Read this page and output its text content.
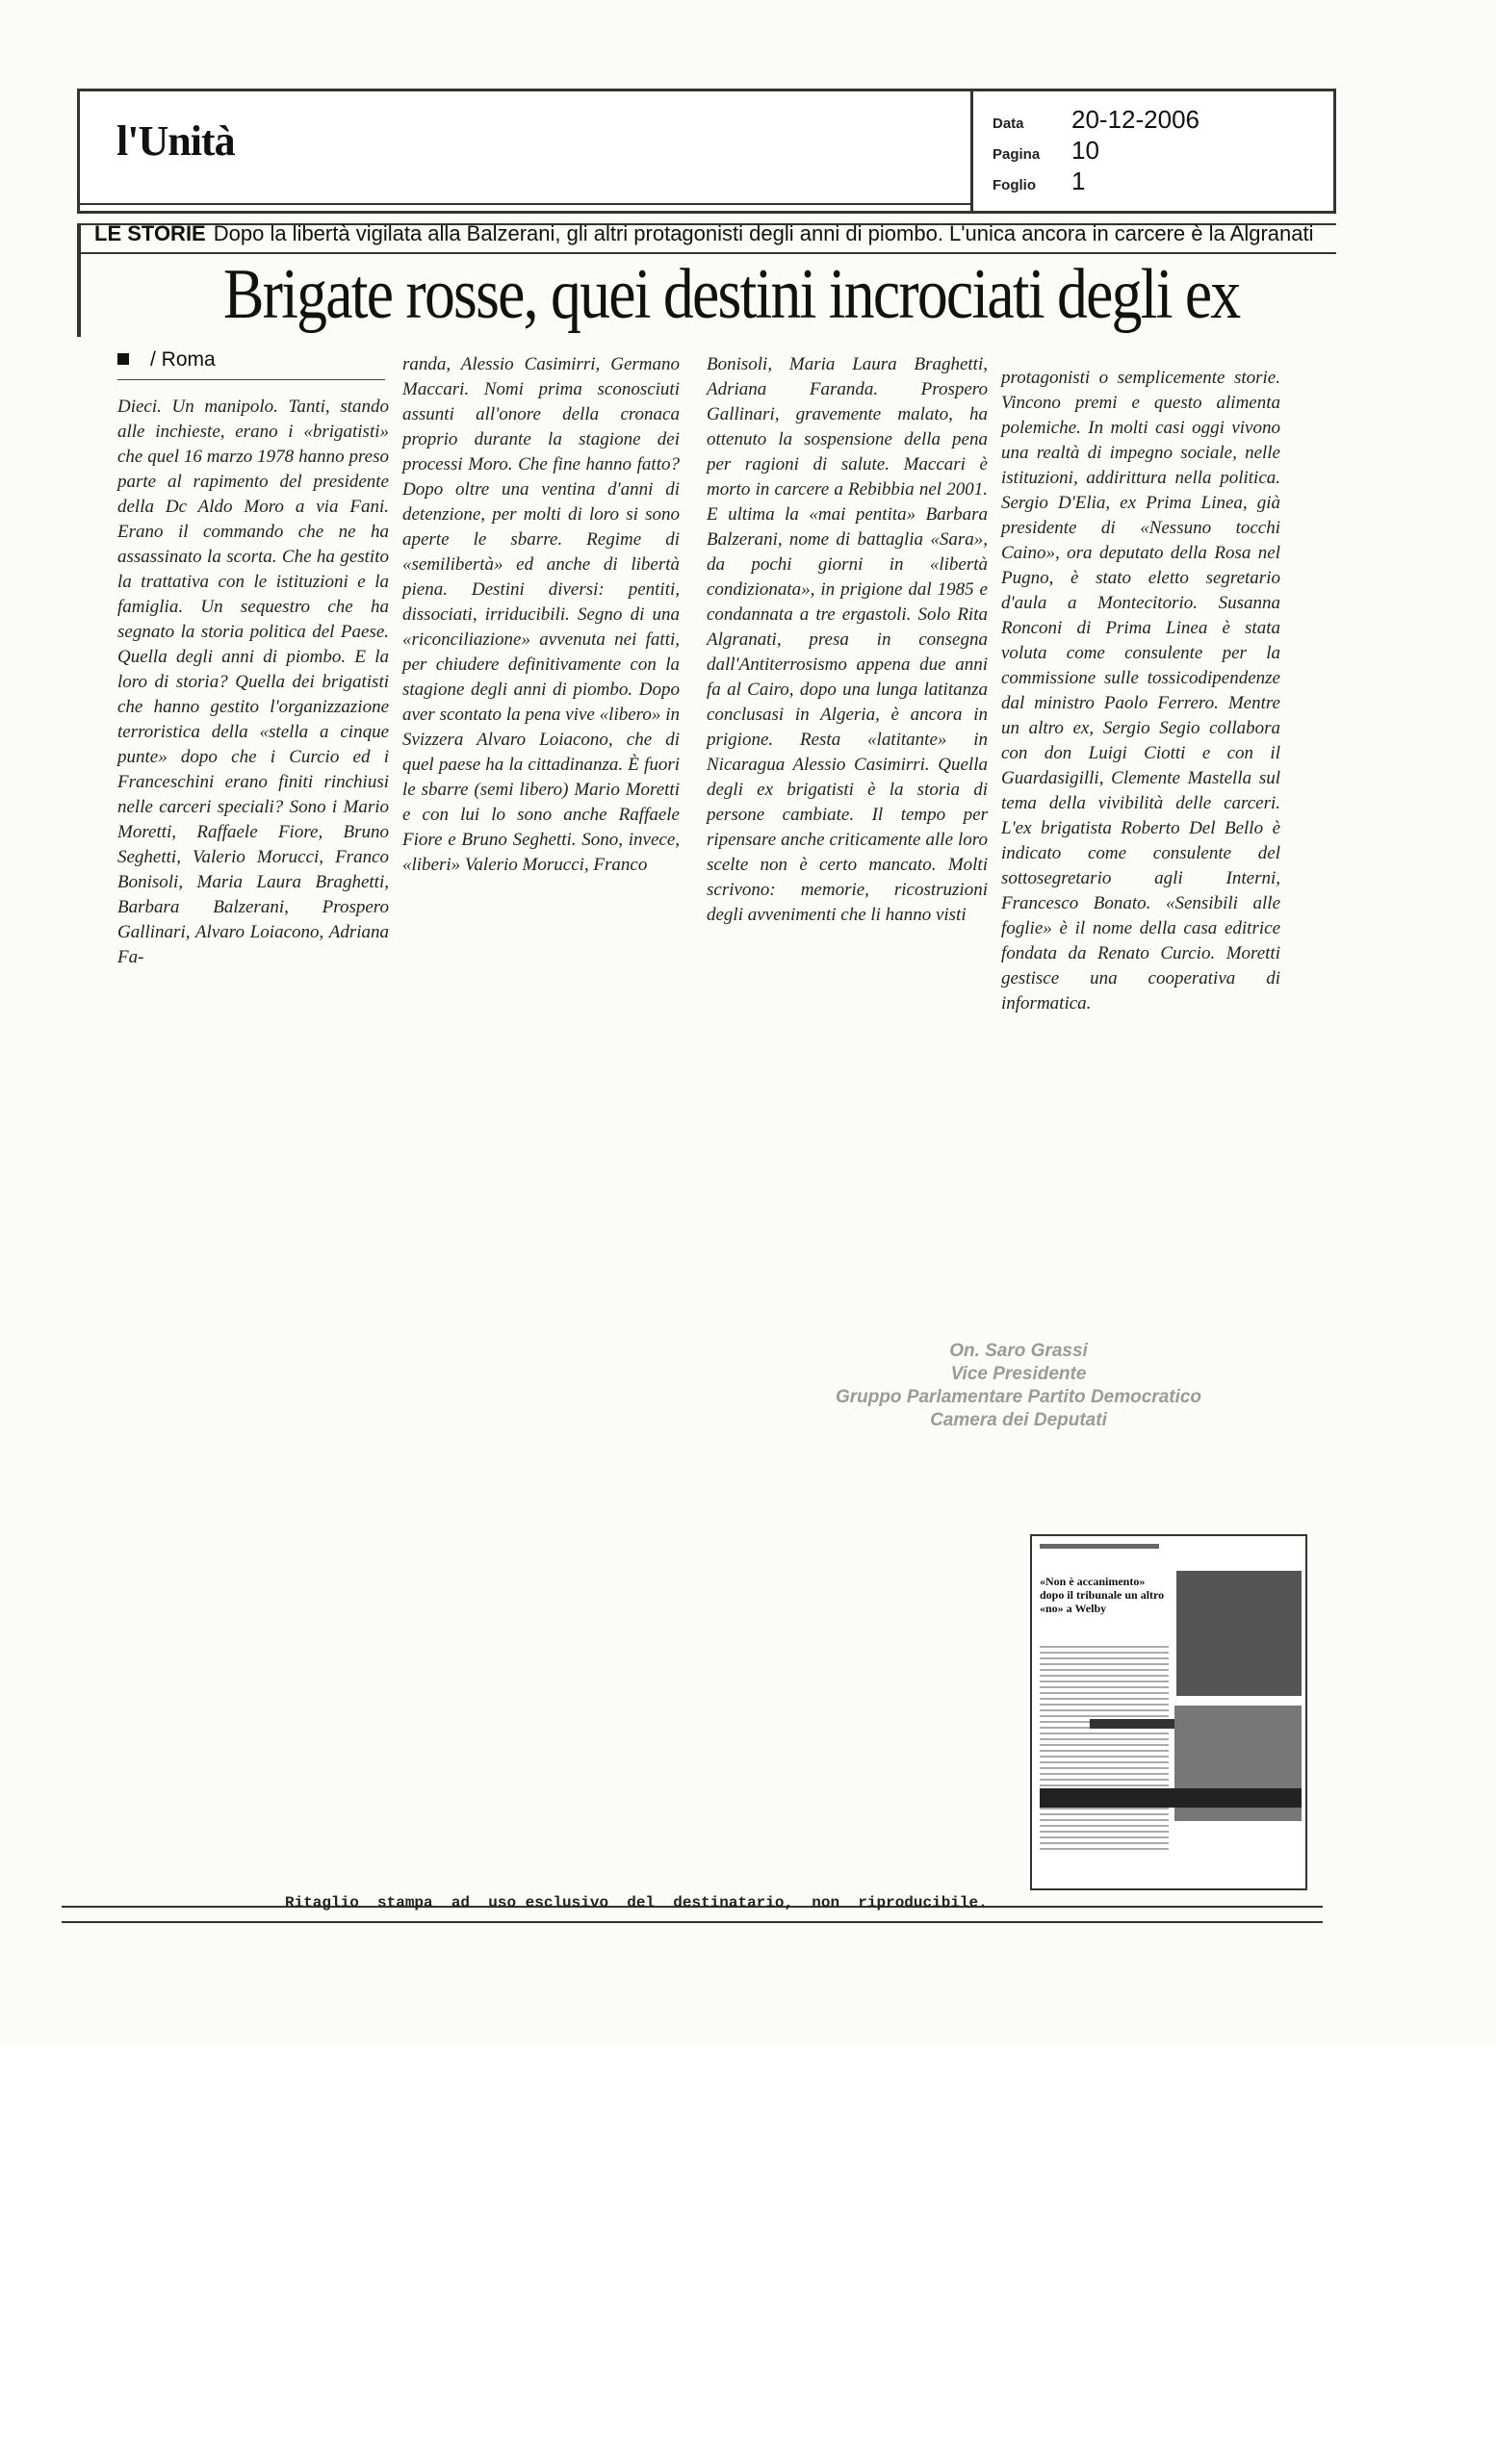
l'Unità	Data 20-12-2006
Pagina 10
Foglio 1
LE STORIE Dopo la libertà vigilata alla Balzerani, gli altri protagonisti degli anni di piombo. L'unica ancora in carcere è la Algranati
Brigate rosse, quei destini incrociati degli ex
/ Roma

Dieci. Un manipolo. Tanti, stando alle inchieste, erano i «brigatisti» che quel 16 marzo 1978 hanno preso parte al rapimento del presidente della Dc Aldo Moro a via Fani. Erano il commando che ne ha assassinato la scorta. Che ha gestito la trattativa con le istituzioni e la famiglia. Un sequestro che ha segnato la storia politica del Paese. Quella degli anni di piombo. E la loro di storia? Quella dei brigatisti che hanno gestito l'organizzazione terroristica della «stella a cinque punte» dopo che i Curcio ed i Franceschini erano finiti rinchiusi nelle carceri speciali? Sono i Mario Moretti, Raffaele Fiore, Bruno Seghetti, Valerio Morucci, Franco Bonisoli, Maria Laura Braghetti, Barbara Balzerani, Prospero Gallinari, Alvaro Loiacono, Adriana Fa-

randa, Alessio Casimirri, Germano Maccari. Nomi prima sconosciuti assunti all'onore della cronaca proprio durante la stagione dei processi Moro. Che fine hanno fatto? Dopo oltre una ventina d'anni di detenzione, per molti di loro si sono aperte le sbarre. Regime di «semilibertà» ed anche di libertà piena. Destini diversi: pentiti, dissociati, irriducibili. Segno di una «riconciliazione» avvenuta nei fatti, per chiudere definitivamente con la stagione degli anni di piombo. Dopo aver scontato la pena vive «libero» in Svizzera Alvaro Loiacono, che di quel paese ha la cittadinanza. È fuori le sbarre (semi libero) Mario Moretti e con lui lo sono anche Raffaele Fiore e Bruno Seghetti. Sono, invece, «liberi» Valerio Morucci, Franco

Bonisoli, Maria Laura Braghetti, Adriana Faranda. Prospero Gallinari, gravemente malato, ha ottenuto la sospensione della pena per ragioni di salute. Maccari è morto in carcere a Rebibbia nel 2001. E ultima la «mai pentita» Barbara Balzerani, nome di battaglia «Sara», da pochi giorni in «libertà condizionata», in prigione dal 1985 e condannata a tre ergastoli. Solo Rita Algranati, presa in consegna dall'Antiterrosismo appena due anni fa al Cairo, dopo una lunga latitanza conclusasi in Algeria, è ancora in prigione. Resta «latitante» in Nicaragua Alessio Casimirri. Quella degli ex brigatisti è la storia di persone cambiate. Il tempo per ripensare anche criticamente alle loro scelte non è certo mancato. Molti scrivono: memorie, ricostruzioni degli avvenimenti che li hanno visti

protagonisti o semplicemente storie. Vincono premi e questo alimenta polemiche. In molti casi oggi vivono una realtà di impegno sociale, nelle istituzioni, addirittura nella politica. Sergio D'Elia, ex Prima Linea, già presidente di «Nessuno tocchi Caino», ora deputato della Rosa nel Pugno, è stato eletto segretario d'aula a Montecitorio. Susanna Ronconi di Prima Linea è stata voluta come consulente per la commissione sulle tossicodipendenze dal ministro Paolo Ferrero. Mentre un altro ex, Sergio Segio collabora con don Luigi Ciotti e con il Guardasigilli, Clemente Mastella sul tema della vivibilità delle carceri. L'ex brigatista Roberto Del Bello è indicato come consulente del sottosegretario agli Interni, Francesco Bonato. «Sensibili alle foglie» è il nome della casa editrice fondata da Renato Curcio. Moretti gestisce una cooperativa di informatica.

On. Saro Grassi
Vice Presidente
Gruppo Parlamentare Partito Democratico
Camera dei Deputati
«Non è accanimento» dopo il tribunale un altro «no» a Welby
Ritaglio  stampa  ad  uso esclusivo  del  destinatario,  non  riproducibile.
